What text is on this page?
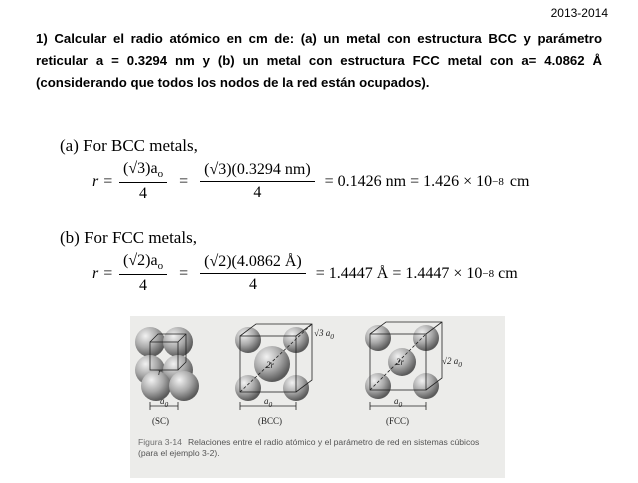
2013-2014
1) Calcular el radio atómico en cm de: (a) un metal con estructura BCC y parámetro reticular a = 0.3294 nm y (b) un metal con estructura FCC metal con a= 4.0862 Å (considerando que todos los nodos de la red están ocupados).
(a) For BCC metals,
$r = \frac{(√3)a_o}{4} = \frac{(√3)(0.3294 nm)}{4} = 0.1426$ nm = 1.426 × 10 −8 cm
(b) For FCC metals,
$r = \frac{(√2)a_o}{4} = \frac{(√2)(4.0862 Å)}{4} = 1.4447$ Å = 1.4447 × 10 −8 cm
r
2r	2r
√3 $a_0$
√2 $a_0$
$a_0$	$a_0$	$a_0$
(SC)	(BCC)	(FCC)
Figura 3-14 Relaciones entre el radio atómico y el parámetro de red en sistemas cúbicos (para el ejemplo 3-2).
